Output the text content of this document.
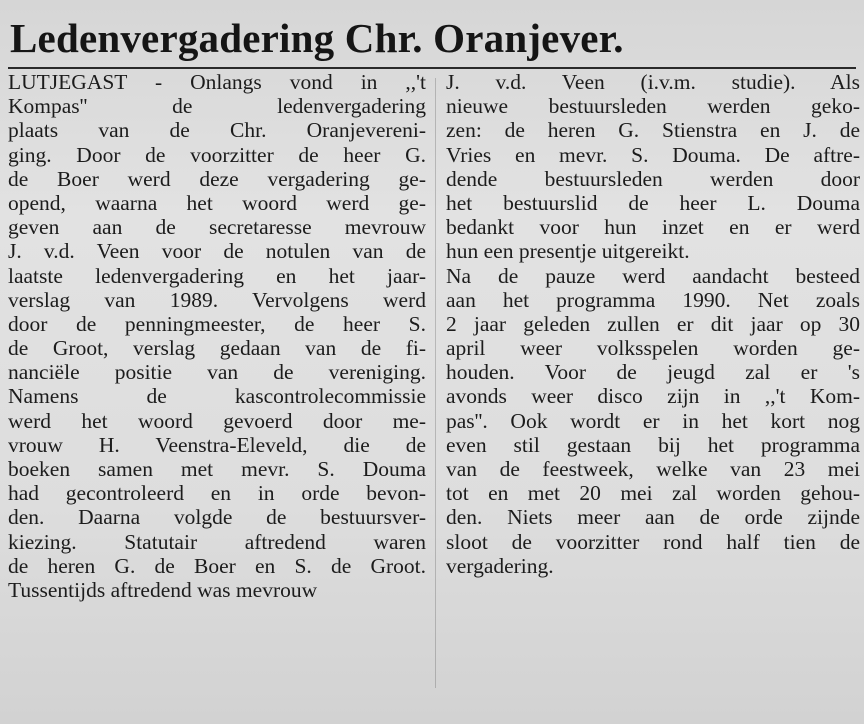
Ledenvergadering Chr. Oranjever.
LUTJEGAST - Onlangs vond in ,,'t
Kompas'' de ledenvergadering
plaats van de Chr. Oranjevereni-
ging. Door de voorzitter de heer G.
de Boer werd deze vergadering ge-
opend, waarna het woord werd ge-
geven aan de secretaresse mevrouw
J. v.d. Veen voor de notulen van de
laatste ledenvergadering en het jaar-
verslag van 1989. Vervolgens werd
door de penningmeester, de heer S.
de Groot, verslag gedaan van de fi-
nanciële positie van de vereniging.
Namens de kascontrolecommissie
werd het woord gevoerd door me-
vrouw H. Veenstra-Eleveld, die de
boeken samen met mevr. S. Douma
had gecontroleerd en in orde bevon-
den. Daarna volgde de bestuursver-
kiezing. Statutair aftredend waren
de heren G. de Boer en S. de Groot.
Tussentijds aftredend was mevrouw
J. v.d. Veen (i.v.m. studie). Als
nieuwe bestuursleden werden geko-
zen: de heren G. Stienstra en J. de
Vries en mevr. S. Douma. De aftre-
dende bestuursleden werden door
het bestuurslid de heer L. Douma
bedankt voor hun inzet en er werd
hun een presentje uitgereikt.
Na de pauze werd aandacht besteed
aan het programma 1990. Net zoals
2 jaar geleden zullen er dit jaar op 30
april weer volksspelen worden ge-
houden. Voor de jeugd zal er 's
avonds weer disco zijn in ,,'t Kom-
pas''. Ook wordt er in het kort nog
even stil gestaan bij het programma
van de feestweek, welke van 23 mei
tot en met 20 mei zal worden gehou-
den. Niets meer aan de orde zijnde
sloot de voorzitter rond half tien de
vergadering.
